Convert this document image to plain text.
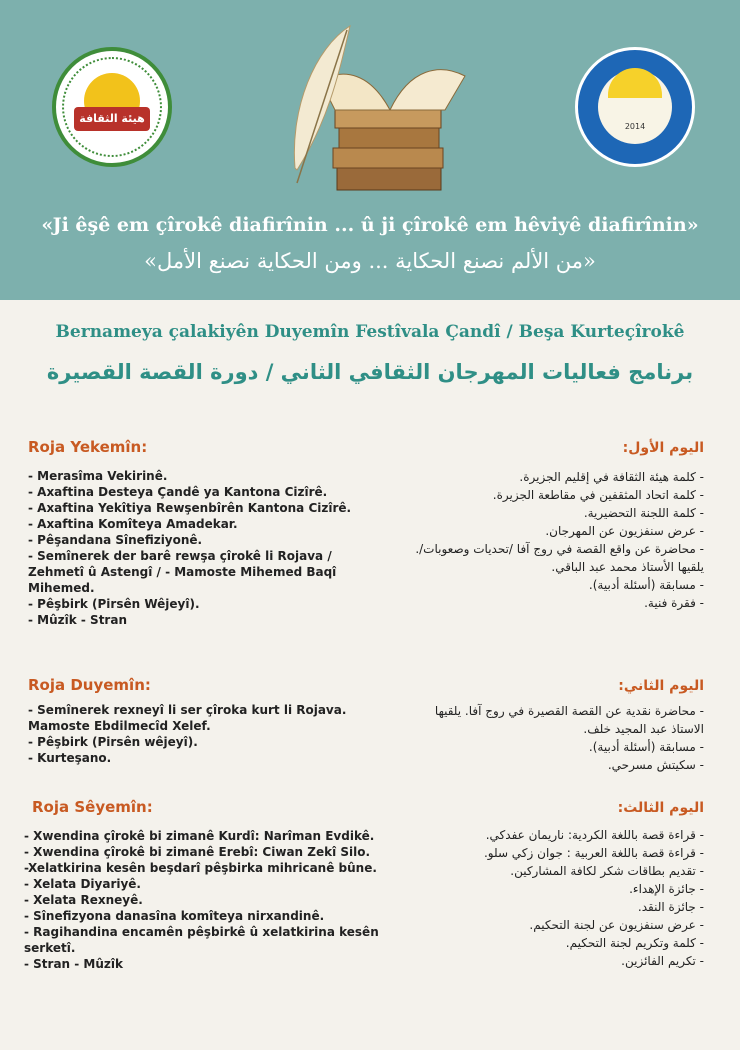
هيئة الثقافة
2014
«Ji êşê em çîrokê diafirînin ... û ji çîrokê em hêviyê diafirînin»
«من الألم نصنع الحكاية ... ومن الحكاية نصنع الأمل»
Bernameya çalakiyên Duyemîn Festîvala Çandî / Beşa Kurteçîrokê
برنامج فعاليات المهرجان الثقافي الثاني / دورة القصة القصيرة
Roja Yekemîn:	اليوم الأول:
- Merasîma Vekirinê.
- Axaftina Desteya Çandê ya Kantona Cizîrê.
- Axaftina Yekîtiya Rewşenbîrên Kantona Cizîrê.
- Axaftina Komîteya Amadekar.
- Pêşandana Sînefiziyonê.
- Semînerek der barê rewşa çîrokê li Rojava / Zehmetî û Astengî / - Mamoste Mihemed Baqî Mihemed.
- Pêşbirk (Pirsên Wêjeyî).
- Mûzîk - Stran
- كلمة هيئة الثقافة في إقليم الجزيرة.
- كلمة اتحاد المثقفين في مقاطعة الجزيرة.
- كلمة اللجنة التحضيرية.
- عرض سنفزيون عن المهرجان.
- محاضرة عن واقع القصة في روج آفا /تحديات وصعوبات/. يلقيها الأستاذ محمد عبد الباقي.
- مسابقة (أسئلة أدبية).
- فقرة فنية.
Roja Duyemîn:	اليوم الثاني:
- Semînerek rexneyî li ser çîroka kurt li Rojava. Mamoste Ebdilmecîd Xelef.
- Pêşbirk (Pirsên wêjeyî).
- Kurteşano.
- محاضرة نقدية عن القصة القصيرة في روج آفا. يلقيها الاستاذ عبد المجيد خلف.
- مسابقة (أسئلة أدبية).
- سكيتش مسرحي.
Roja Sêyemîn:	اليوم الثالث:
- Xwendina çîrokê bi zimanê Kurdî: Narîman Evdikê.
- Xwendina çîrokê bi zimanê Erebî: Ciwan Zekî Silo.
-Xelatkirina kesên beşdarî pêşbirka mihricanê bûne.
- Xelata Diyariyê.
- Xelata Rexneyê.
- Sînefizyona danasîna komîteya nirxandinê.
- Ragihandina encamên pêşbirkê û xelatkirina kesên serketî.
- Stran - Mûzîk
- قراءة قصة باللغة الكردية: ناريمان عفدكي.
- قراءة قصة باللغة العربية : جوان زكي سلو.
- تقديم بطاقات شكر لكافة المشاركين.
- جائزة الإهداء.
- جائزة النقد.
- عرض سنفزيون عن لجنة التحكيم.
- كلمة وتكريم لجنة التحكيم.
- تكريم الفائزين.
